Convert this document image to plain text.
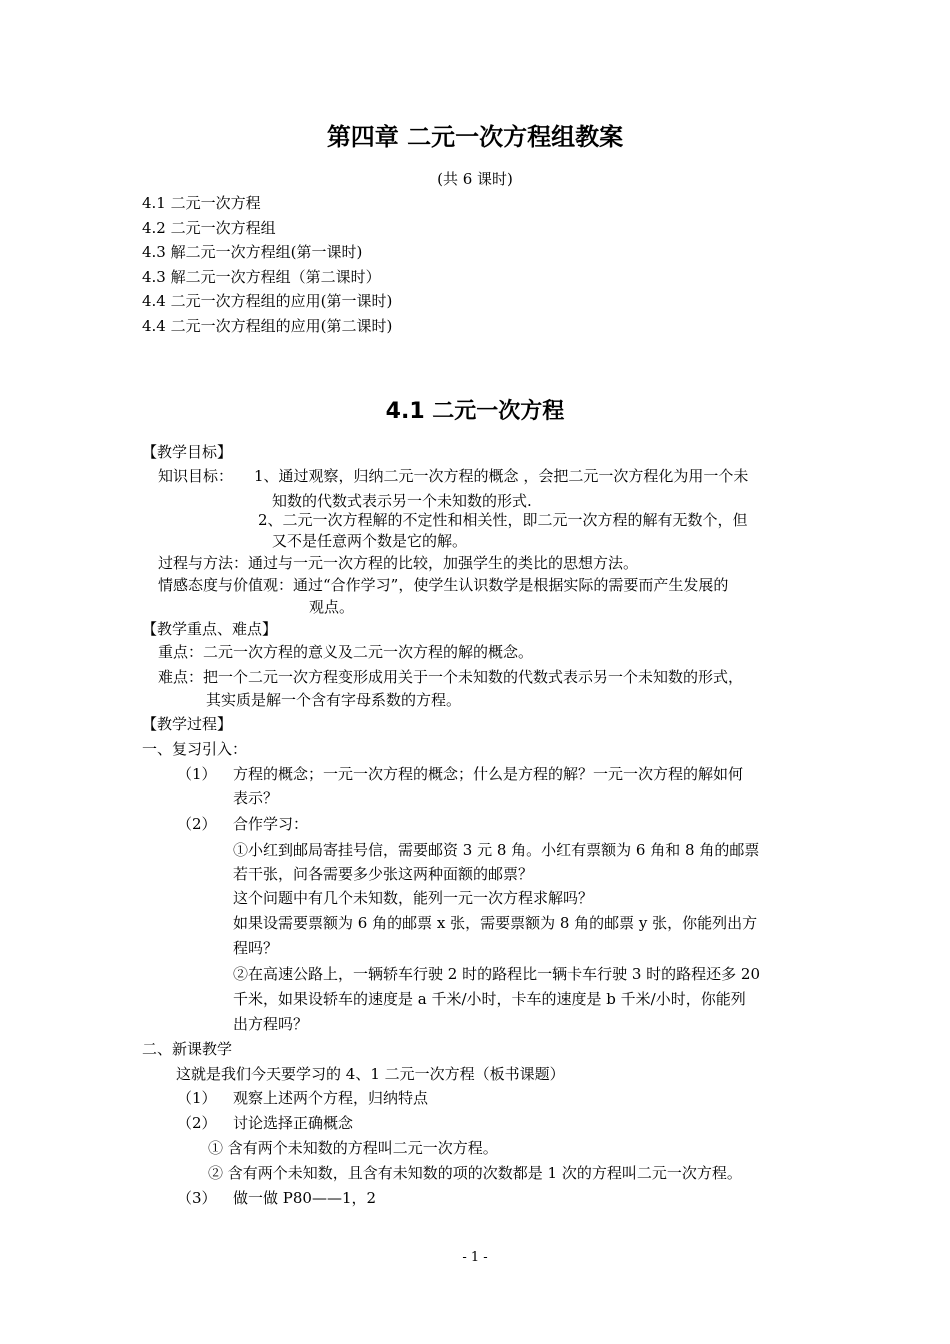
第四章 二元一次方程组教案
(共 6 课时)
4.1 二元一次方程
4.2 二元一次方程组
4.3 解二元一次方程组(第一课时)
4.3 解二元一次方程组（第二课时）
4.4 二元一次方程组的应用(第一课时)
4.4 二元一次方程组的应用(第二课时)
4.1 二元一次方程
【教学目标】
知识目标： 1、通过观察，归纳二元一次方程的概念 ，会把二元一次方程化为用一个未
知数的代数式表示另一个未知数的形式.
2、二元一次方程解的不定性和相关性，即二元一次方程的解有无数个，但
又不是任意两个数是它的解。
过程与方法：通过与一元一次方程的比较，加强学生的类比的思想方法。
情感态度与价值观：通过“合作学习”，使学生认识数学是根据实际的需要而产生发展的
观点。
【教学重点、难点】
重点：二元一次方程的意义及二元一次方程的解的概念。
难点：把一个二元一次方程变形成用关于一个未知数的代数式表示另一个未知数的形式，
其实质是解一个含有字母系数的方程。
【教学过程】
一、复习引入：
（1） 方程的概念；一元一次方程的概念；什么是方程的解？一元一次方程的解如何
表示？
（2） 合作学习：
①小红到邮局寄挂号信，需要邮资 3 元 8 角。小红有票额为 6 角和 8 角的邮票
若干张，问各需要多少张这两种面额的邮票？
这个问题中有几个未知数，能列一元一次方程求解吗？
如果设需要票额为 6 角的邮票 x 张，需要票额为 8 角的邮票 y 张，你能列出方
程吗？
②在高速公路上，一辆轿车行驶 2 时的路程比一辆卡车行驶 3 时的路程还多 20
千米，如果设轿车的速度是 a 千米/小时，卡车的速度是 b 千米/小时，你能列
出方程吗？
二、新课教学
这就是我们今天要学习的 4、1 二元一次方程（板书课题）
（1） 观察上述两个方程，归纳特点
（2） 讨论选择正确概念
① 含有两个未知数的方程叫二元一次方程。
② 含有两个未知数，且含有未知数的项的次数都是 1 次的方程叫二元一次方程。
（3） 做一做 P80——1，2
- 1 -
